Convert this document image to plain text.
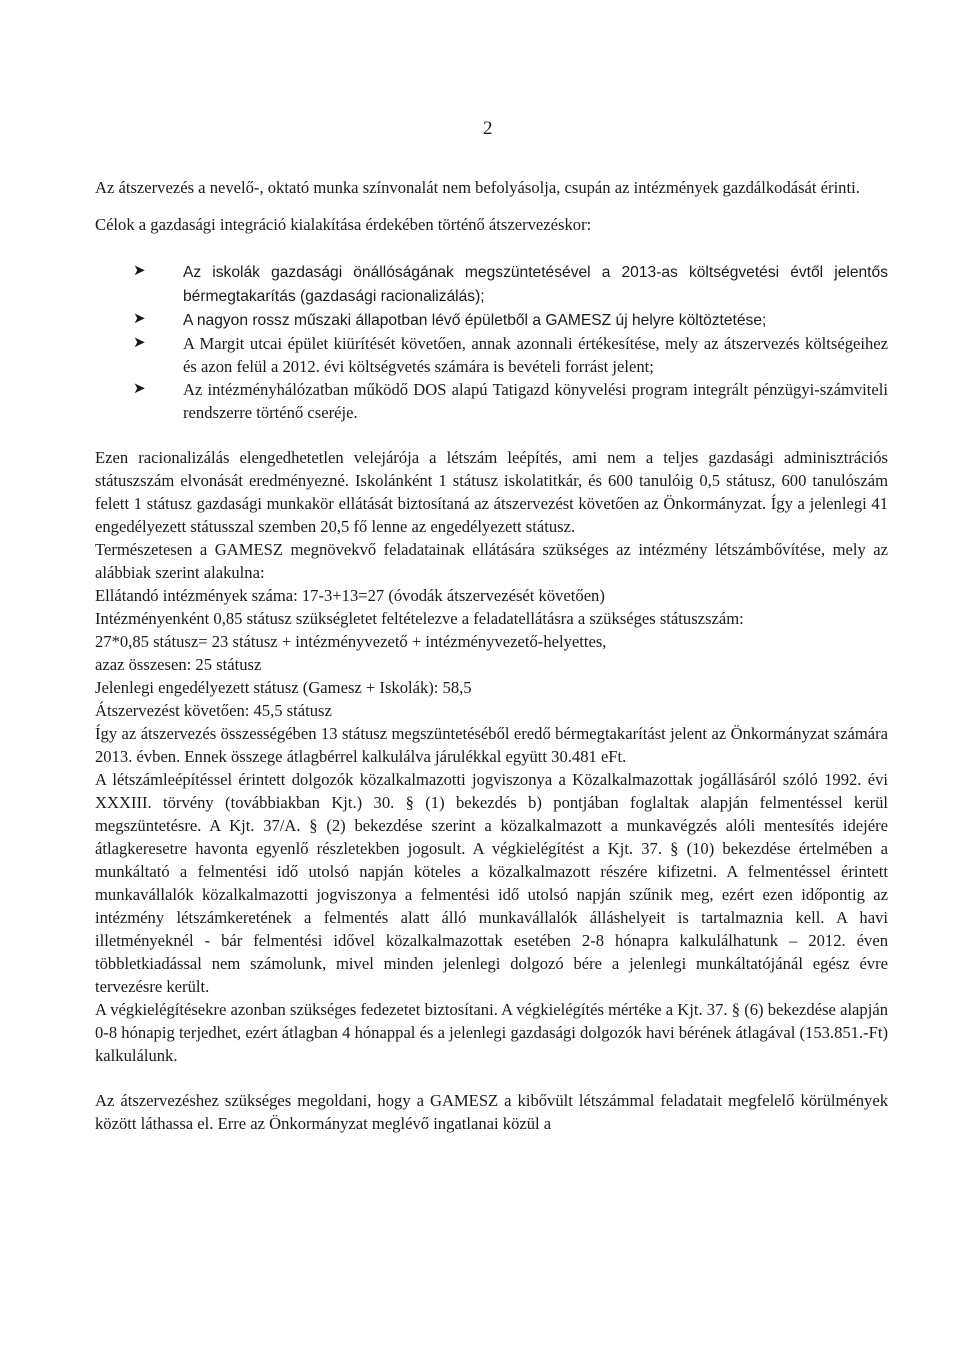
2

Az átszervezés a nevelő-, oktató munka színvonalát nem befolyásolja, csupán az intézmények gazdálkodását érinti.

Célok a gazdasági integráció kialakítása érdekében történő átszervezéskor:

➤ Az iskolák gazdasági önállóságának megszüntetésével a 2013-as költségvetési évtől jelentős bérmegtakarítás (gazdasági racionalizálás);
➤ A nagyon rossz műszaki állapotban lévő épületből a GAMESZ új helyre költöztetése;
➤ A Margit utcai épület kiürítését követően, annak azonnali értékesítése, mely az átszervezés költségeihez és azon felül a 2012. évi költségvetés számára is bevételi forrást jelent;
➤ Az intézményhálózatban működő DOS alapú Tatigazd könyvelési program integrált pénzügyi-számviteli rendszerre történő cseréje.

Ezen racionalizálás elengedhetetlen velejárója a létszám leépítés, ami nem a teljes gazdasági adminisztrációs státuszszám elvonását eredményezné. Iskolánként 1 státusz iskolatitkár, és 600 tanulóig 0,5 státusz, 600 tanulószám felett 1 státusz gazdasági munkakör ellátását biztosítaná az átszervezést követően az Önkormányzat. Így a jelenlegi 41 engedélyezett státusszal szemben 20,5 fő lenne az engedélyezett státusz.

Természetesen a GAMESZ megnövekvő feladatainak ellátására szükséges az intézmény létszámbővítése, mely az alábbiak szerint alakulna:

Ellátandó intézmények száma: 17-3+13=27 (óvodák átszervezését követően)

Intézményenként 0,85 státusz szükségletet feltételezve a feladatellátásra a szükséges státuszszám:

27*0,85 státusz= 23 státusz + intézményvezető + intézményvezető-helyettes,

azaz összesen: 25 státusz

Jelenlegi engedélyezett státusz (Gamesz + Iskolák): 58,5

Átszervezést követően: 45,5 státusz

Így az átszervezés összességében 13 státusz megszüntetéséből eredő bérmegtakarítást jelent az Önkormányzat számára 2013. évben. Ennek összege átlagbérrel kalkulálva járulékkal együtt 30.481 eFt.

A létszámleépítéssel érintett dolgozók közalkalmazotti jogviszonya a Közalkalmazottak jogállásáról szóló 1992. évi XXXIII. törvény (továbbiakban Kjt.) 30. § (1) bekezdés b) pontjában foglaltak alapján felmentéssel kerül megszüntetésre. A Kjt. 37/A. § (2) bekezdése szerint a közalkalmazott a munkavégzés alóli mentesítés idejére átlagkeresetre havonta egyenlő részletekben jogosult. A végkielégítést a Kjt. 37. § (10) bekezdése értelmében a munkáltató a felmentési idő utolsó napján köteles a közalkalmazott részére kifizetni. A felmentéssel érintett munkavállalók közalkalmazotti jogviszonya a felmentési idő utolsó napján szűnik meg, ezért ezen időpontig az intézmény létszámkeretének a felmentés alatt álló munkavállalók álláshelyeit is tartalmaznia kell. A havi illetményeknél - bár felmentési idővel közalkalmazottak esetében 2-8 hónapra kalkulálhatunk – 2012. éven többletkiadással nem számolunk, mivel minden jelenlegi dolgozó bére a jelenlegi munkáltatójánál egész évre tervezésre került.

A végkielégítésekre azonban szükséges fedezetet biztosítani. A végkielégítés mértéke a Kjt. 37. § (6) bekezdése alapján 0-8 hónapig terjedhet, ezért átlagban 4 hónappal és a jelenlegi gazdasági dolgozók havi bérének átlagával (153.851.-Ft) kalkulálunk.

Az átszervezéshez szükséges megoldani, hogy a GAMESZ a kibővült létszámmal feladatait megfelelő körülmények között láthassa el. Erre az Önkormányzat meglévő ingatlanai közül a
